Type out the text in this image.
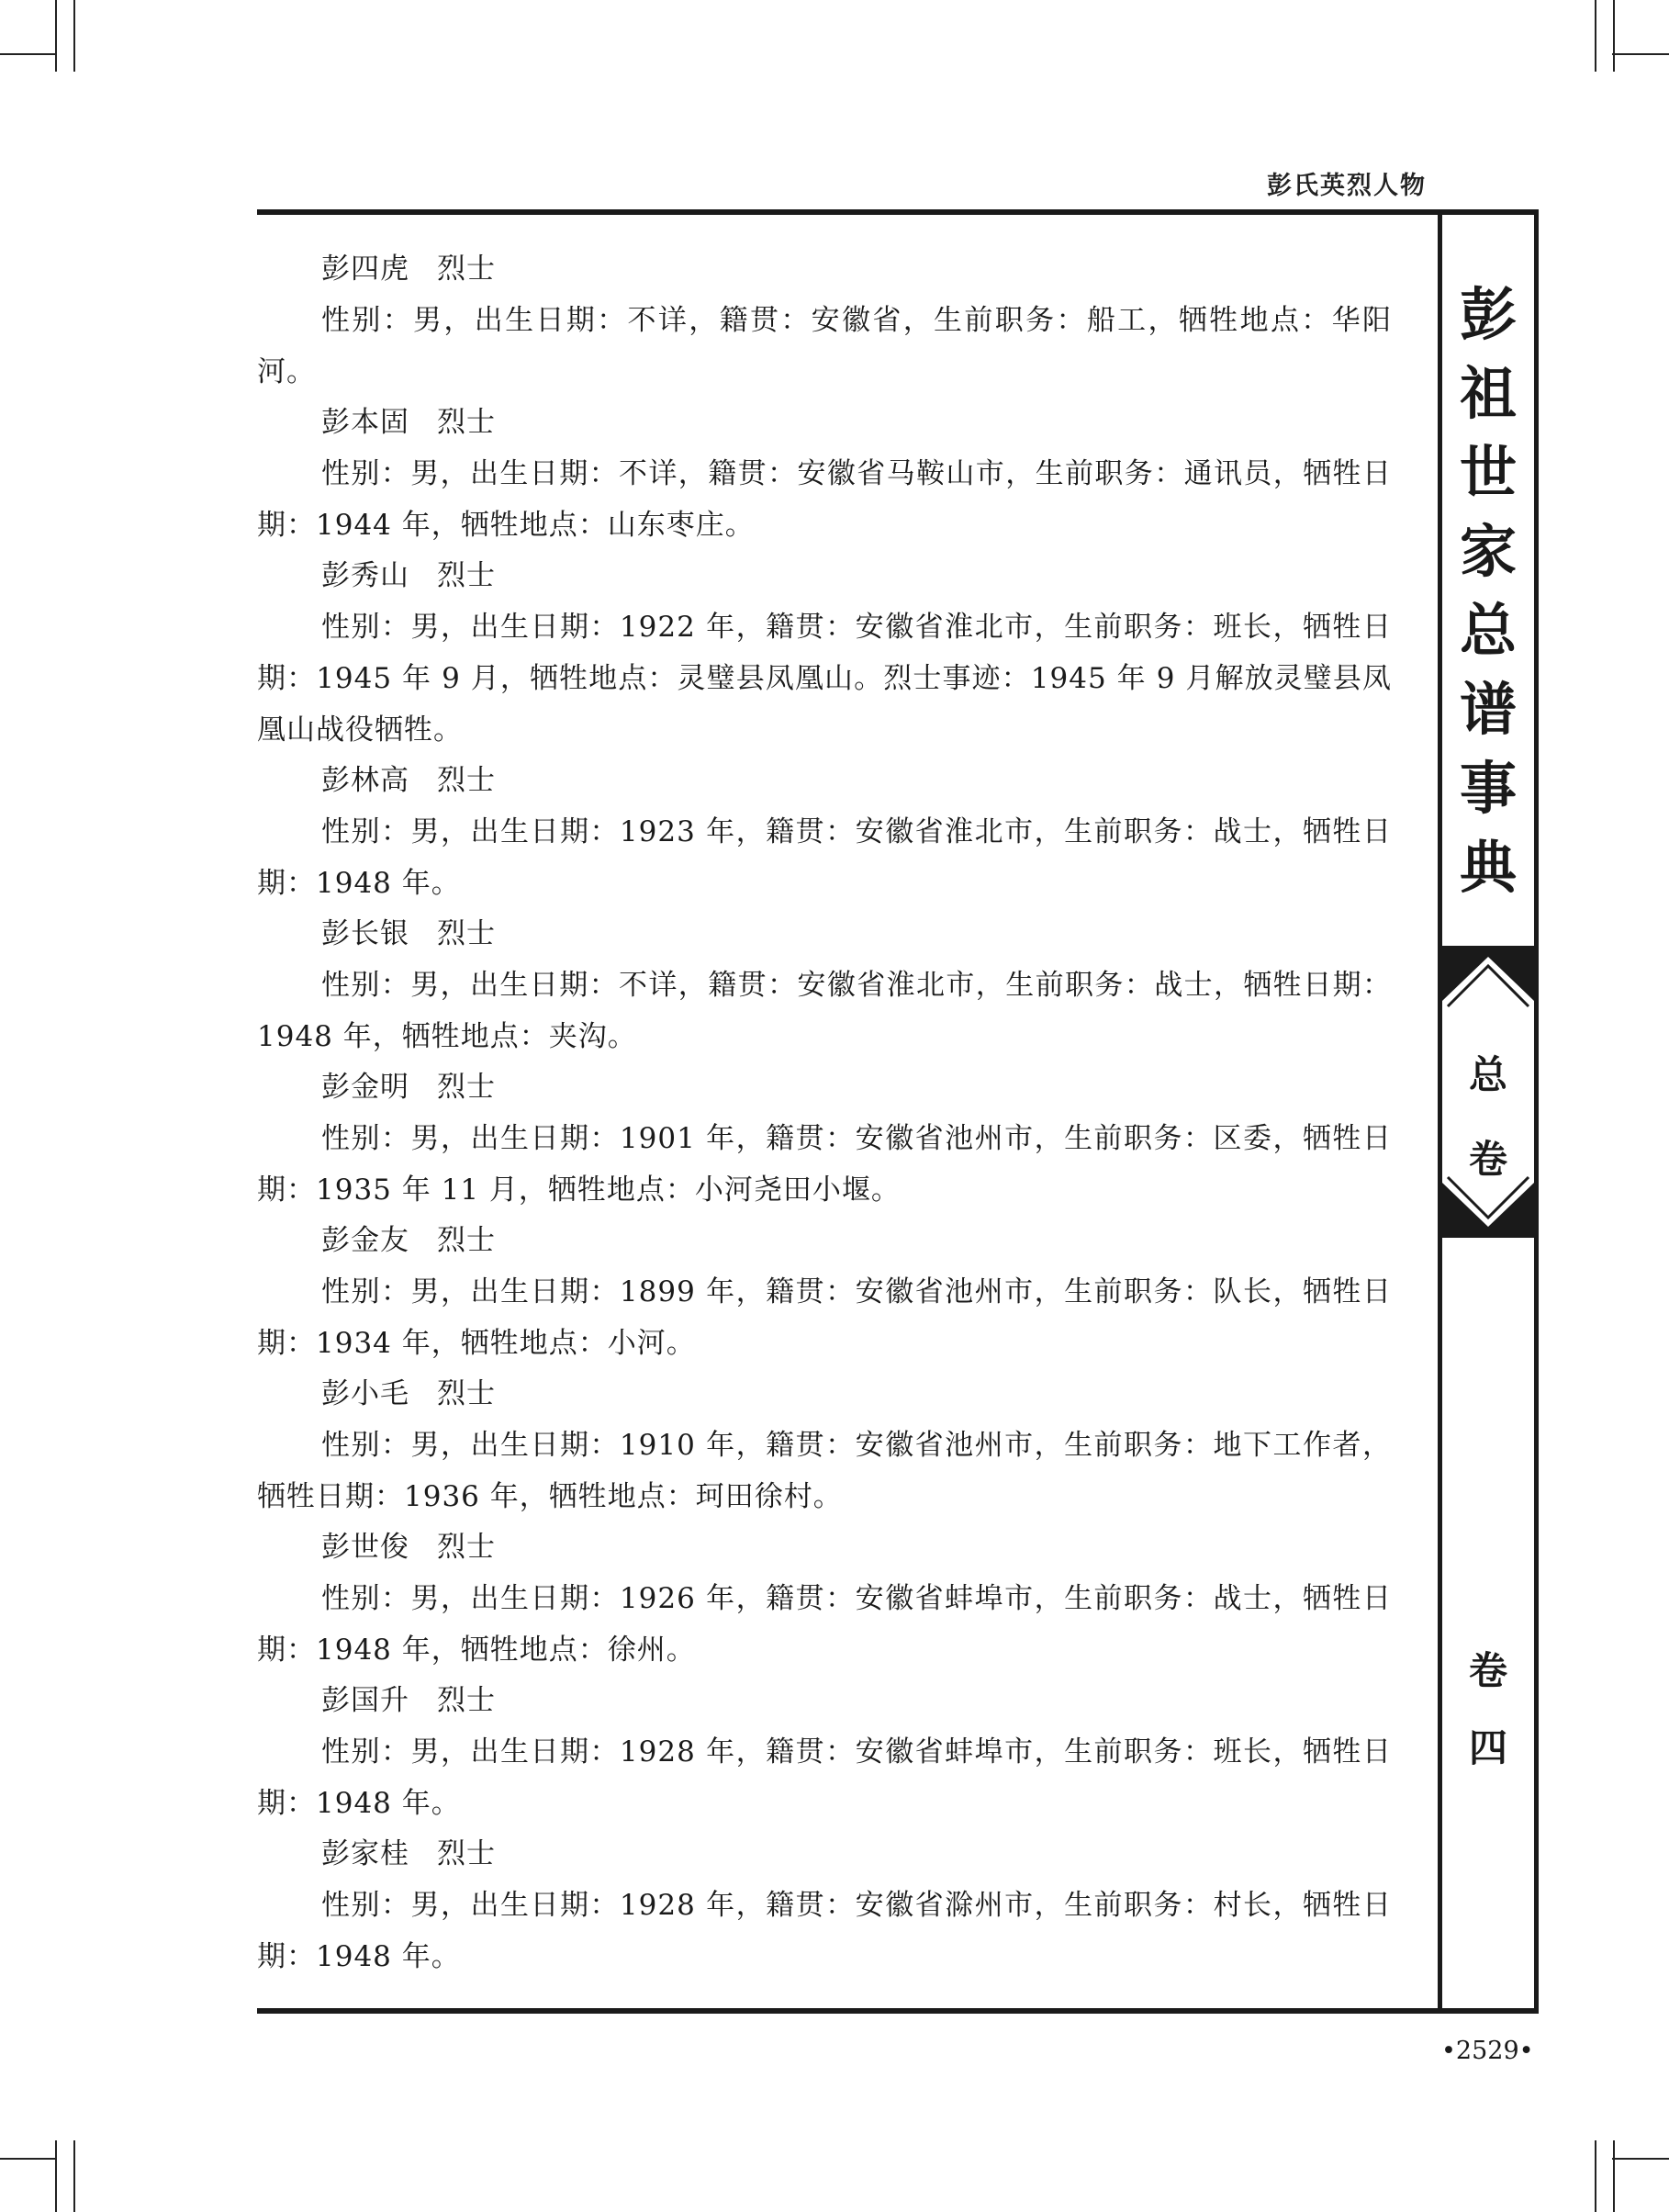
彭氏英烈人物
彭
祖
世
家
总
谱
事
典
总
卷
卷
四
彭四虎 烈士

性别：男，出生日期：不详，籍贯：安徽省，生前职务：船工，牺牲地点：华阳河。

彭本固 烈士

性别：男，出生日期：不详，籍贯：安徽省马鞍山市，生前职务：通讯员，牺牲日期：1944 年，牺牲地点：山东枣庄。

彭秀山 烈士

性别：男，出生日期：1922 年，籍贯：安徽省淮北市，生前职务：班长，牺牲日期：1945 年 9 月，牺牲地点：灵璧县凤凰山。烈士事迹：1945 年 9 月解放灵璧县凤凰山战役牺牲。

彭林高 烈士

性别：男，出生日期：1923 年，籍贯：安徽省淮北市，生前职务：战士，牺牲日期：1948 年。

彭长银 烈士

性别：男，出生日期：不详，籍贯：安徽省淮北市，生前职务：战士，牺牲日期：1948 年，牺牲地点：夹沟。

彭金明 烈士

性别：男，出生日期：1901 年，籍贯：安徽省池州市，生前职务：区委，牺牲日期：1935 年 11 月，牺牲地点：小河尧田小堰。

彭金友 烈士

性别：男，出生日期：1899 年，籍贯：安徽省池州市，生前职务：队长，牺牲日期：1934 年，牺牲地点：小河。

彭小毛 烈士

性别：男，出生日期：1910 年，籍贯：安徽省池州市，生前职务：地下工作者，牺牲日期：1936 年，牺牲地点：珂田徐村。

彭世俊 烈士

性别：男，出生日期：1926 年，籍贯：安徽省蚌埠市，生前职务：战士，牺牲日期：1948 年，牺牲地点：徐州。

彭国升 烈士

性别：男，出生日期：1928 年，籍贯：安徽省蚌埠市，生前职务：班长，牺牲日期：1948 年。

彭家桂 烈士

性别：男，出生日期：1928 年，籍贯：安徽省滁州市，生前职务：村长，牺牲日期：1948 年。

•2529•
